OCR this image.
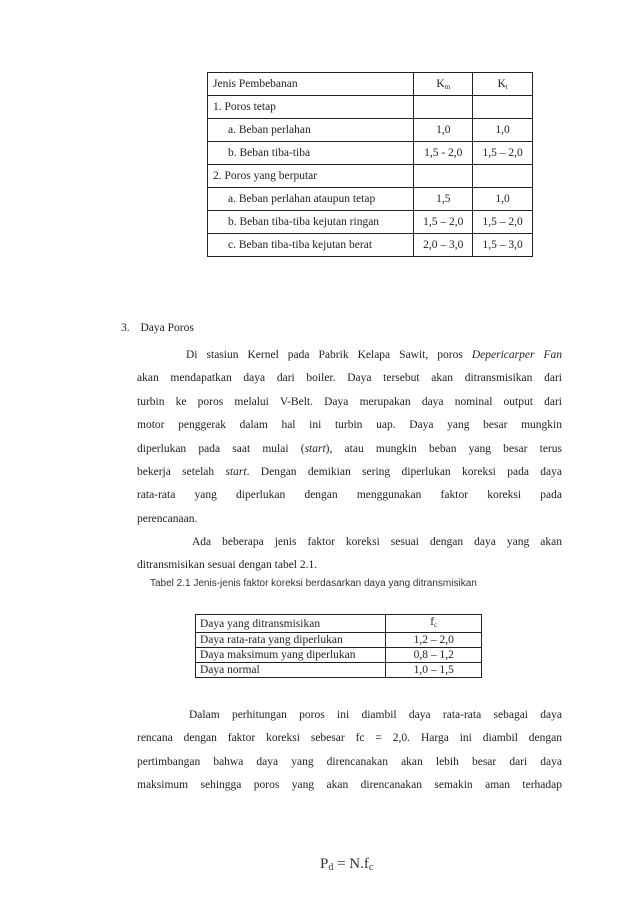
Jenis Pembebanan	$K_m$	$K_t$
1. Poros tetap		
a. Beban perlahan	1,0	1,0
b. Beban tiba-tiba	1,5 - 2,0	1,5 – 2,0
2. Poros yang berputar		
a. Beban perlahan ataupun tetap	1,5	1,0
b. Beban tiba-tiba kejutan ringan	1,5 – 2,0	1,5 – 2,0
c. Beban tiba-tiba kejutan berat	2,0 – 3,0	1,5 – 3,0
3. Daya Poros
Di stasiun Kernel pada Pabrik Kelapa Sawit, poros Depericarper Fan
akan mendapatkan daya dari boiler. Daya tersebut akan ditransmisikan dari
turbin ke poros melalui V-Belt. Daya merupakan daya nominal output dari
motor penggerak dalam hal ini turbin uap. Daya yang besar mungkin
diperlukan pada saat mulai (start), atau mungkin beban yang besar terus
bekerja setelah start. Dengan demikian sering diperlukan koreksi pada daya
rata-rata yang diperlukan dengan menggunakan faktor koreksi pada
perencanaan.
Ada beberapa jenis faktor koreksi sesuai dengan daya yang akan
ditransmisikan sesuai dengan tabel 2.1.
Tabel 2.1 Jenis-jenis faktor koreksi berdasarkan daya yang ditransmisikan
Daya yang ditransmisikan	$f_c$
Daya rata-rata yang diperlukan	1,2 – 2,0
Daya maksimum yang diperlukan	0,8 – 1,2
Daya normal	1,0 – 1,5
Dalam perhitungan poros ini diambil daya rata-rata sebagai daya
rencana dengan faktor koreksi sebesar fc = 2,0. Harga ini diambil dengan
pertimbangan bahwa daya yang direncanakan akan lebih besar dari daya
maksimum sehingga poros yang akan direncanakan semakin aman terhadap
$P_d = N.f_c$
